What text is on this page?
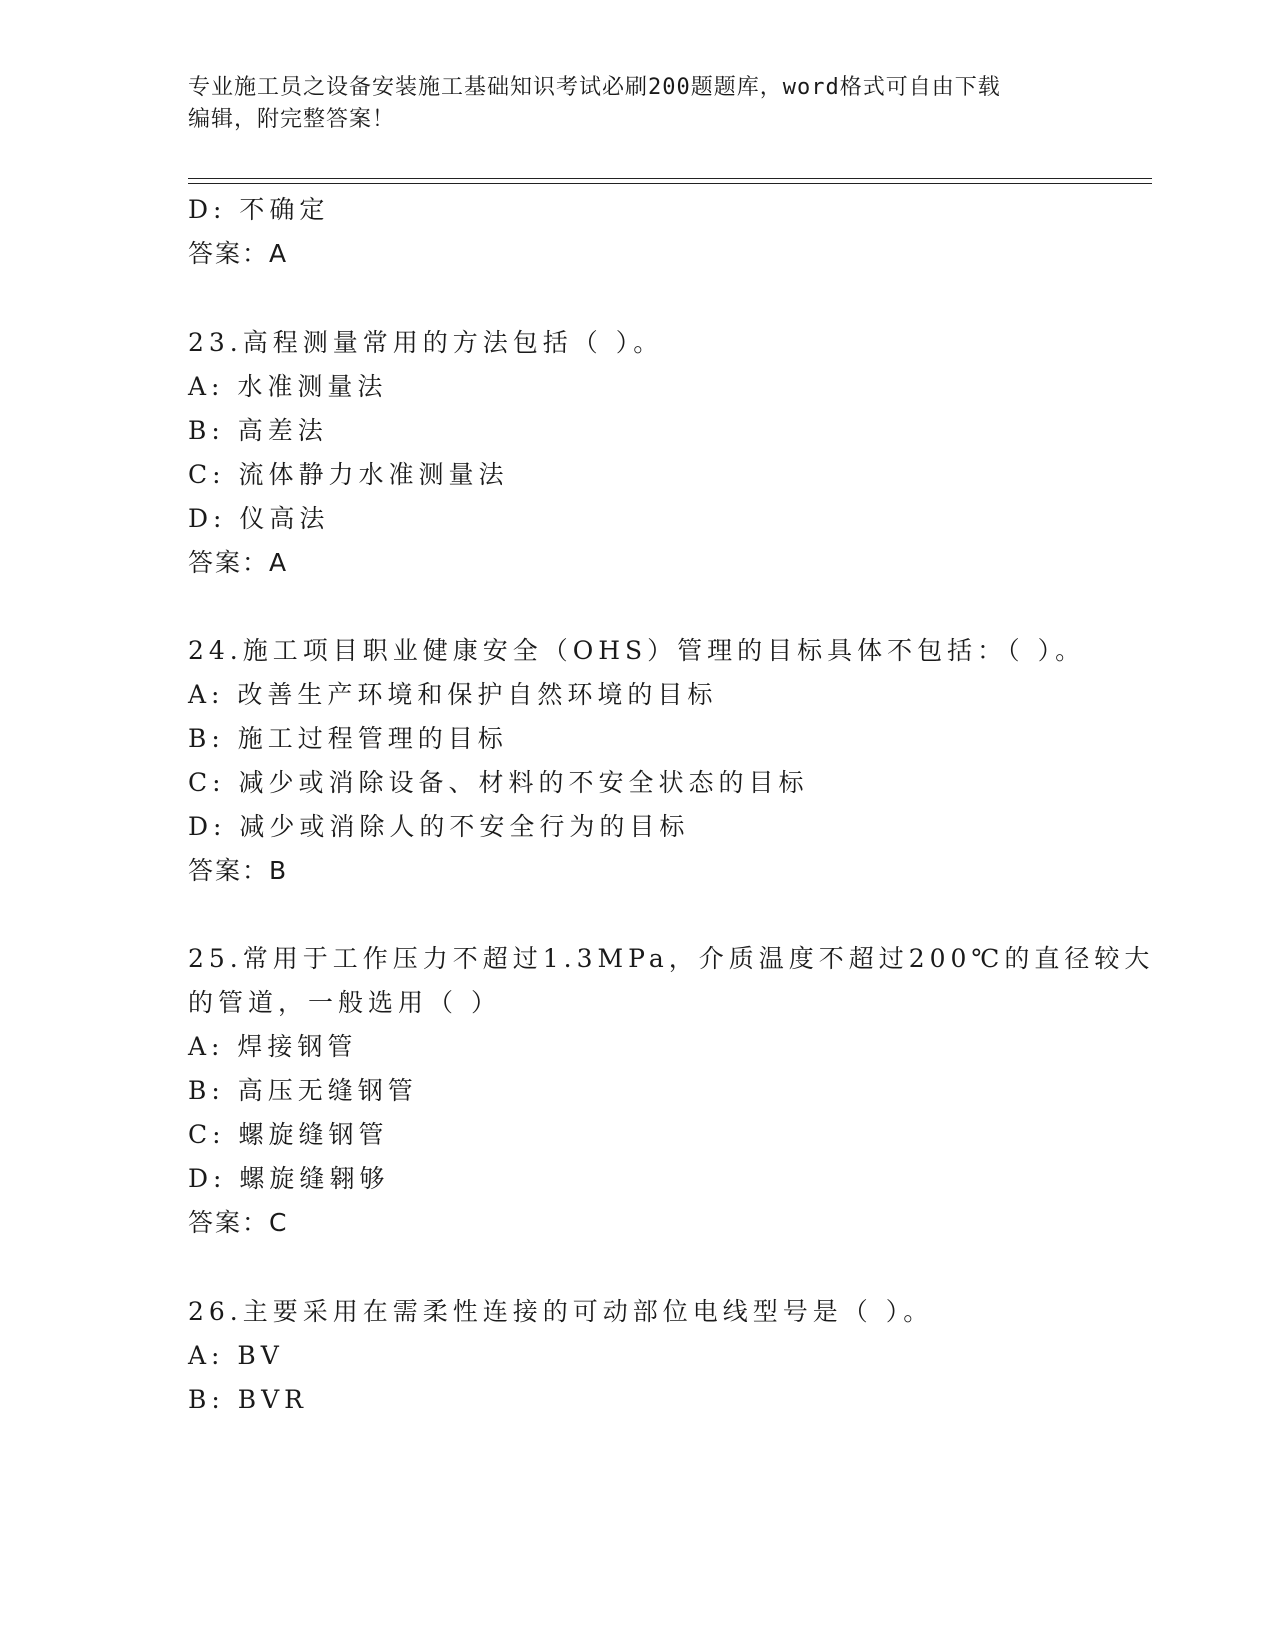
专业施工员之设备安装施工基础知识考试必刷200题题库，word格式可自由下载
编辑，附完整答案！
D: 不确定
答案：A
23.高程测量常用的方法包括（ ）。
A: 水准测量法
B: 高差法
C: 流体静力水准测量法
D: 仪高法
答案：A
24.施工项目职业健康安全（OHS）管理的目标具体不包括：（ ）。
A: 改善生产环境和保护自然环境的目标
B: 施工过程管理的目标
C: 减少或消除设备、材料的不安全状态的目标
D: 减少或消除人的不安全行为的目标
答案：B
25.常用于工作压力不超过1.3MPa，介质温度不超过200℃的直径较大
的管道，一般选用（ ）
A: 焊接钢管
B: 高压无缝钢管
C: 螺旋缝钢管
D: 螺旋缝翱够
答案：C
26.主要采用在需柔性连接的可动部位电线型号是（ ）。
A: BV
B: BVR
